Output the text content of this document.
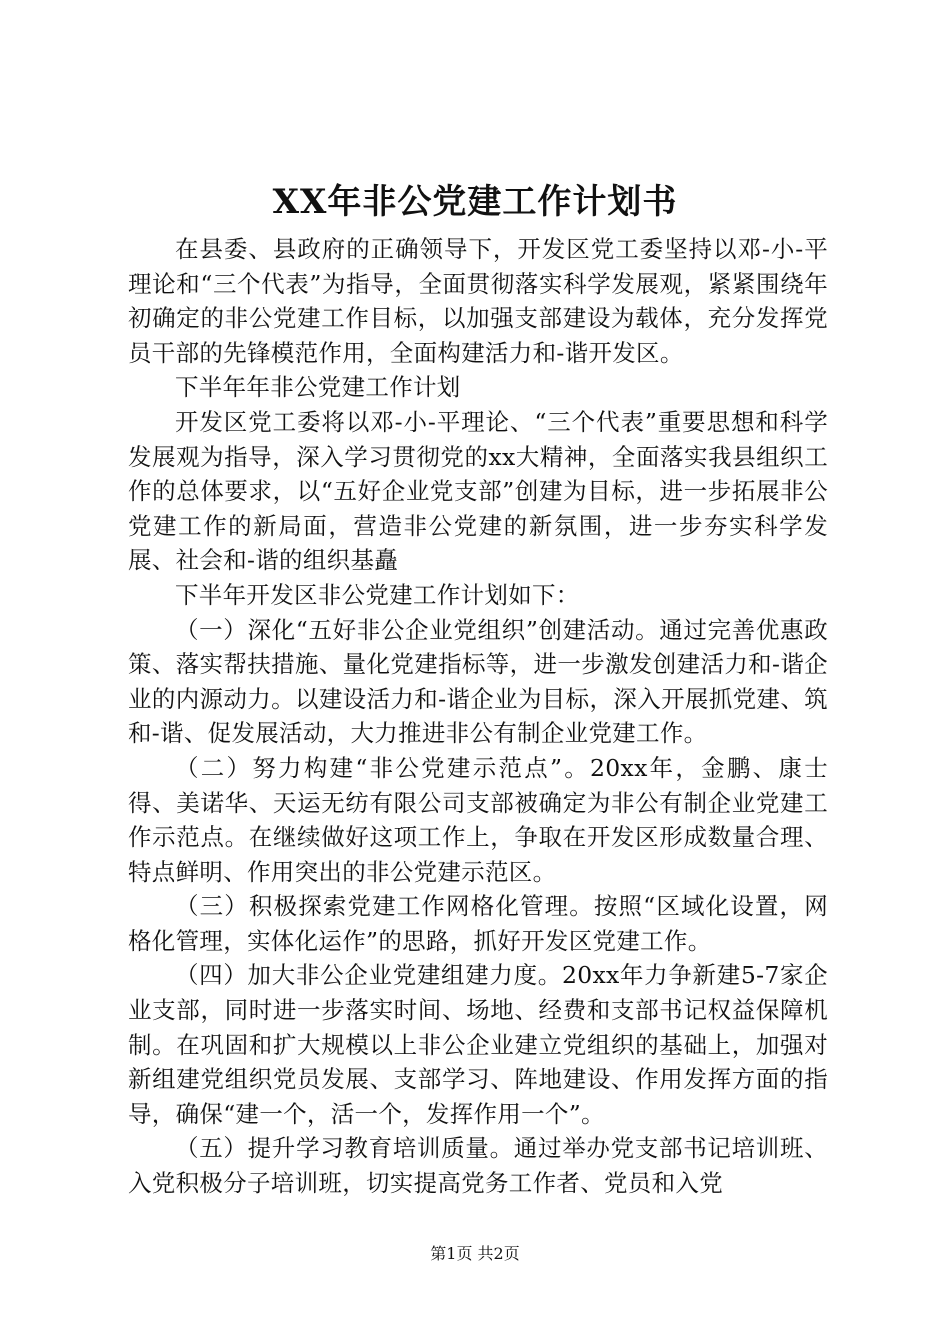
XX年非公党建工作计划书

在县委、县政府的正确领导下，开发区党工委坚持以邓-小-平理论和“三个代表”为指导，全面贯彻落实科学发展观，紧紧围绕年初确定的非公党建工作目标，以加强支部建设为载体，充分发挥党员干部的先锋模范作用，全面构建活力和-谐开发区。

下半年年非公党建工作计划

开发区党工委将以邓-小-平理论、“三个代表”重要思想和科学发展观为指导，深入学习贯彻党的xx大精神，全面落实我县组织工作的总体要求，以“五好企业党支部”创建为目标，进一步拓展非公党建工作的新局面，营造非公党建的新氛围，进一步夯实科学发展、社会和-谐的组织基矗

下半年开发区非公党建工作计划如下：

（一）深化“五好非公企业党组织”创建活动。通过完善优惠政策、落实帮扶措施、量化党建指标等，进一步激发创建活力和-谐企业的内源动力。以建设活力和-谐企业为目标，深入开展抓党建、筑和-谐、促发展活动，大力推进非公有制企业党建工作。

（二）努力构建“非公党建示范点”。20xx年，金鹏、康士得、美诺华、天运无纺有限公司支部被确定为非公有制企业党建工作示范点。在继续做好这项工作上，争取在开发区形成数量合理、特点鲜明、作用突出的非公党建示范区。

（三）积极探索党建工作网格化管理。按照“区域化设置，网格化管理，实体化运作”的思路，抓好开发区党建工作。

（四）加大非公企业党建组建力度。20xx年力争新建5-7家企业支部，同时进一步落实时间、场地、经费和支部书记权益保障机制。在巩固和扩大规模以上非公企业建立党组织的基础上，加强对新组建党组织党员发展、支部学习、阵地建设、作用发挥方面的指导，确保“建一个，活一个，发挥作用一个”。

（五）提升学习教育培训质量。通过举办党支部书记培训班、入党积极分子培训班，切实提高党务工作者、党员和入党

第1页 共2页
